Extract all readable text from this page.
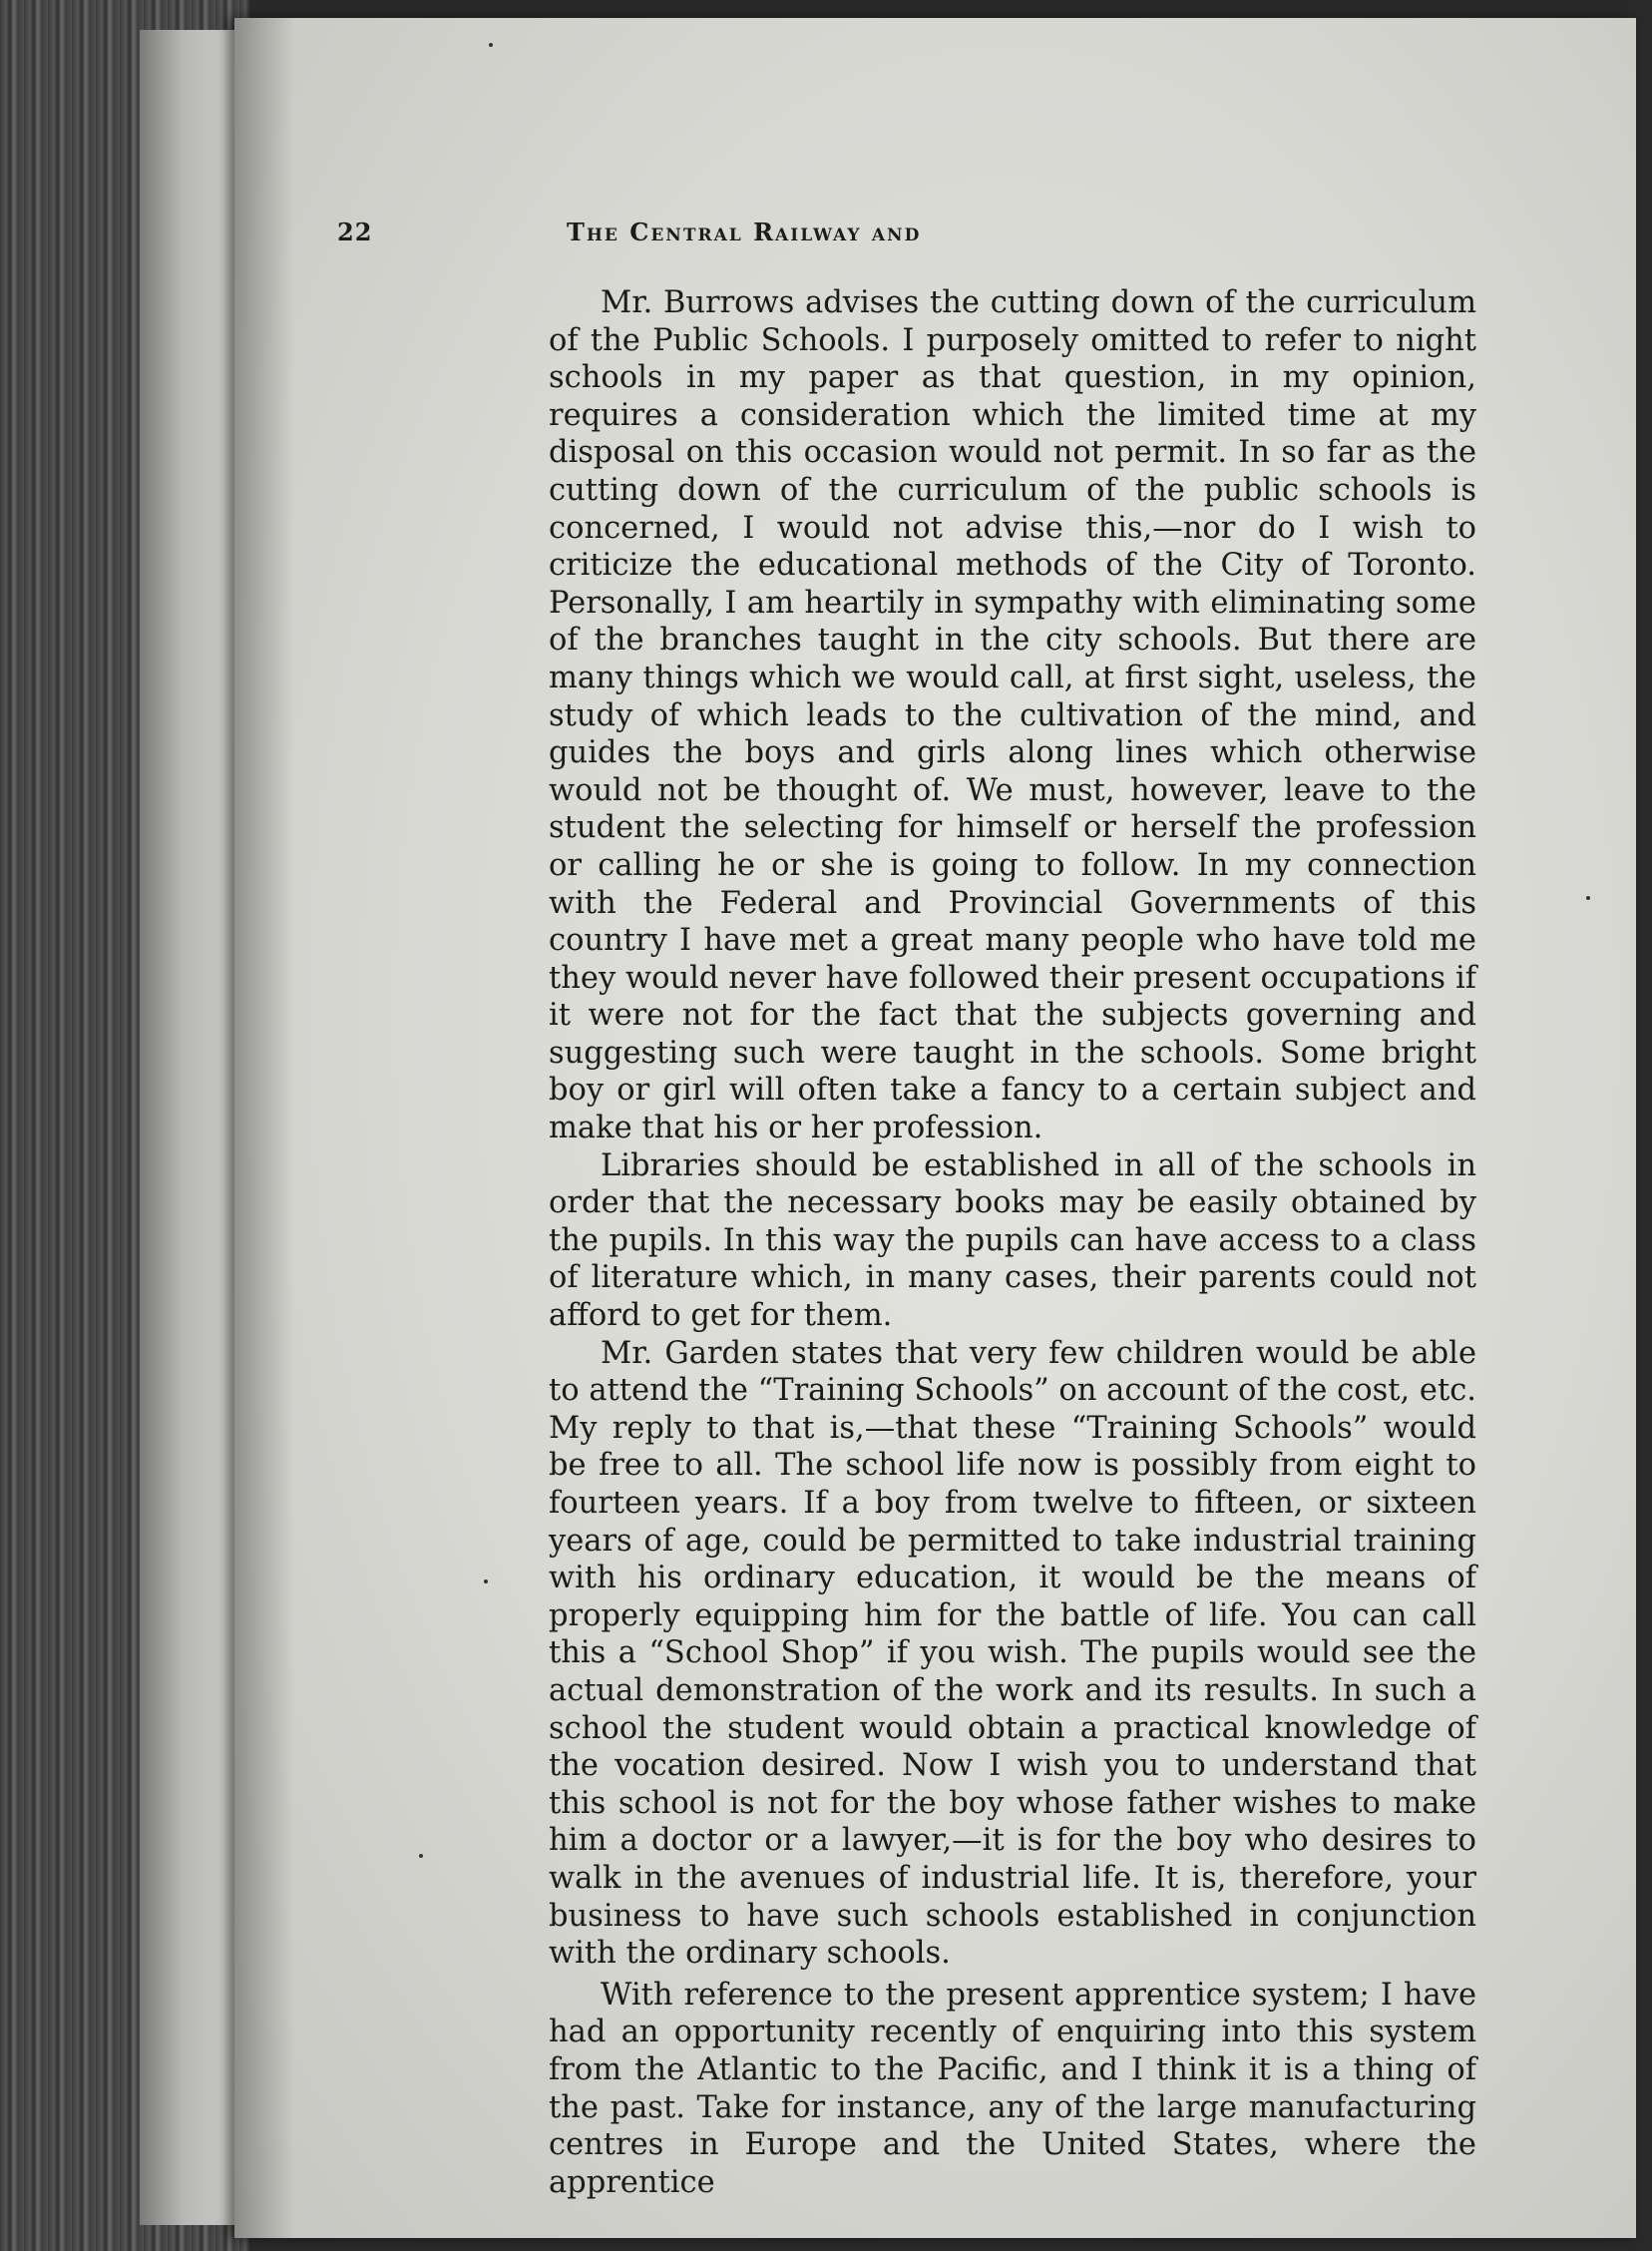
22	The Central Railway and

Mr. Burrows advises the cutting down of the curriculum of the Public Schools. I purposely omitted to refer to night schools in my paper as that question, in my opinion, requires a consideration which the limited time at my disposal on this occasion would not permit. In so far as the cutting down of the curriculum of the public schools is concerned, I would not advise this,—nor do I wish to criticize the educational methods of the City of Toronto. Personally, I am heartily in sympathy with eliminating some of the branches taught in the city schools. But there are many things which we would call, at first sight, useless, the study of which leads to the cultivation of the mind, and guides the boys and girls along lines which otherwise would not be thought of. We must, however, leave to the student the selecting for himself or herself the profession or calling he or she is going to follow. In my connection with the Federal and Provincial Governments of this country I have met a great many people who have told me they would never have followed their present occupations if it were not for the fact that the subjects governing and suggesting such were taught in the schools. Some bright boy or girl will often take a fancy to a certain subject and make that his or her profession.

Libraries should be established in all of the schools in order that the necessary books may be easily obtained by the pupils. In this way the pupils can have access to a class of literature which, in many cases, their parents could not afford to get for them.

Mr. Garden states that very few children would be able to attend the “Training Schools” on account of the cost, etc. My reply to that is,—that these “Training Schools” would be free to all. The school life now is possibly from eight to fourteen years. If a boy from twelve to fifteen, or sixteen years of age, could be permitted to take industrial training with his ordinary education, it would be the means of properly equipping him for the battle of life. You can call this a “School Shop” if you wish. The pupils would see the actual demonstration of the work and its results. In such a school the student would obtain a practical knowledge of the vocation desired. Now I wish you to understand that this school is not for the boy whose father wishes to make him a doctor or a lawyer,—it is for the boy who desires to walk in the avenues of industrial life. It is, therefore, your business to have such schools established in conjunction with the ordinary schools.

With reference to the present apprentice system; I have had an opportunity recently of enquiring into this system from the Atlantic to the Pacific, and I think it is a thing of the past. Take for instance, any of the large manufacturing centres in Europe and the United States, where the apprentice
